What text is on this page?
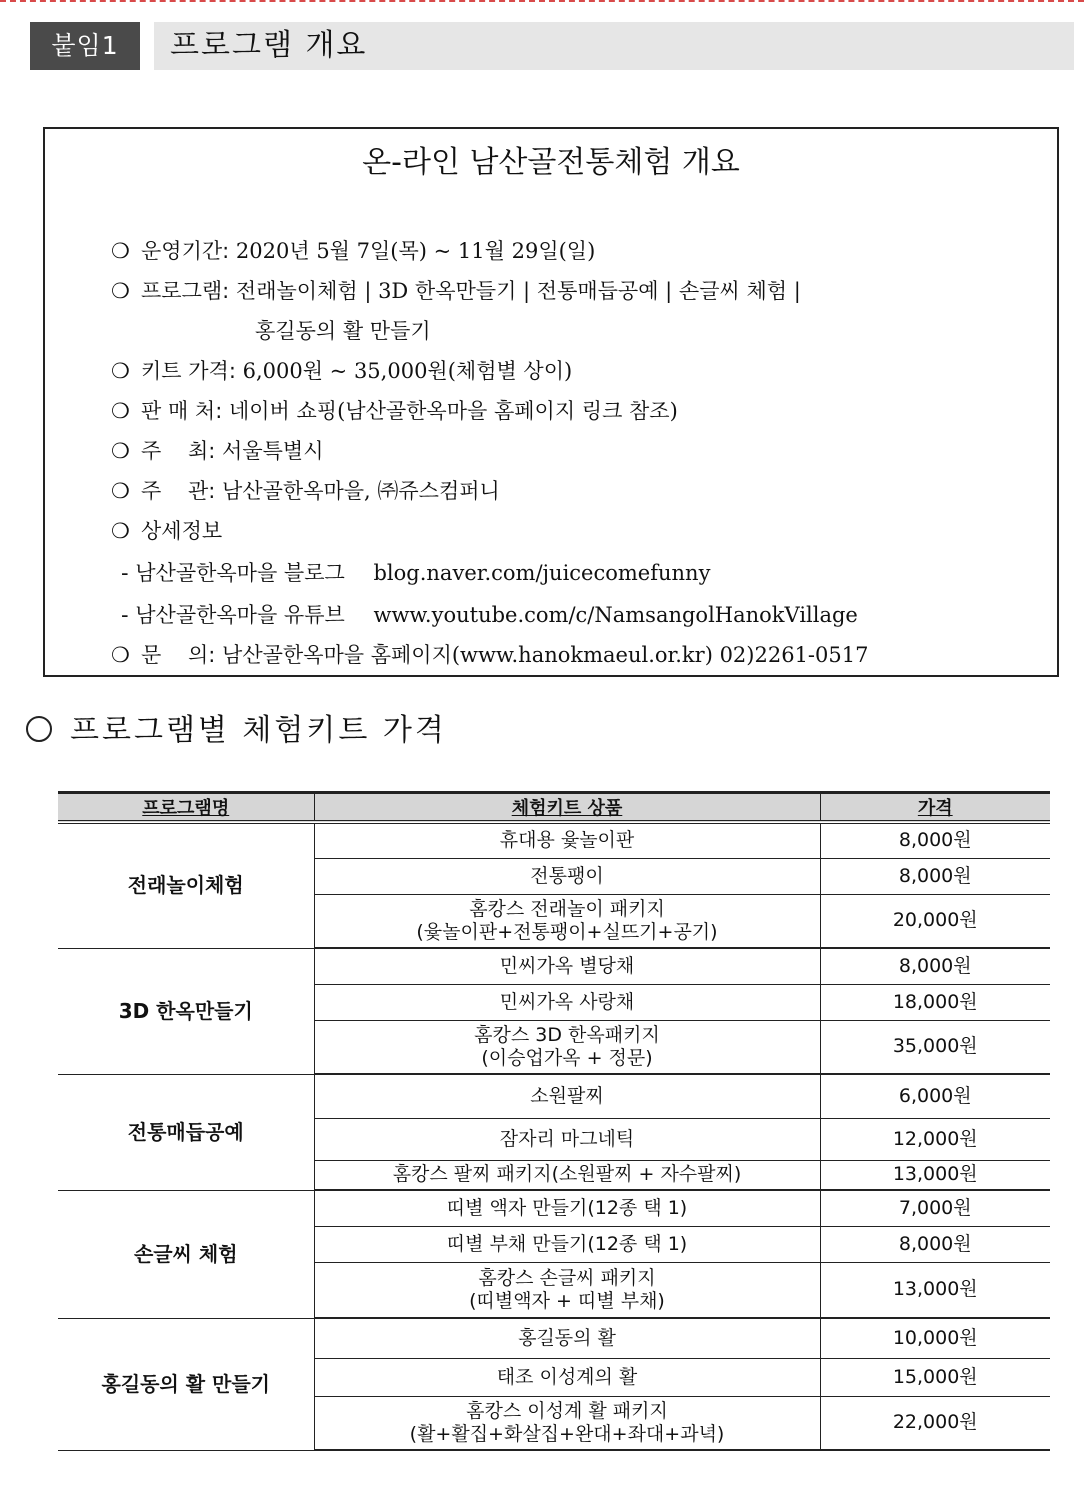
붙임1	프로그램 개요
온-라인 남산골전통체험 개요
❍ 운영기간: 2020년 5월 7일(목) ~ 11월 29일(일)
❍ 프로그램: 전래놀이체험 | 3D 한옥만들기 | 전통매듭공예 | 손글씨 체험 |
홍길동의 활 만들기
❍ 키트 가격: 6,000원 ~ 35,000원(체험별 상이)
❍ 판 매 처: 네이버 쇼핑(남산골한옥마을 홈페이지 링크 참조)
❍ 주    최: 서울특별시
❍ 주    관: 남산골한옥마을, ㈜쥬스컴퍼니
❍ 상세정보
- 남산골한옥마을 블로그 blog.naver.com/juicecomefunny
- 남산골한옥마을 유튜브 www.youtube.com/c/NamsangolHanokVillage
❍ 문    의: 남산골한옥마을 홈페이지(www.hanokmaeul.or.kr) 02)2261-0517
프로그램별 체험키트 가격
프로그램명	체험키트 상품	가격
전래놀이체험	휴대용 윷놀이판	8,000원
	전통팽이	8,000원

	홈캉스 전래놀이 패키지
(윷놀이판+전통팽이+실뜨기+공기)	20,000원
3D 한옥만들기	민씨가옥 별당채	8,000원
	민씨가옥 사랑채	18,000원

	홈캉스 3D 한옥패키지
(이승업가옥 + 정문)	35,000원
전통매듭공예	소원팔찌	6,000원
	잠자리 마그네틱	12,000원
	홈캉스 팔찌 패키지(소원팔찌 + 자수팔찌)	13,000원
손글씨 체험	띠별 액자 만들기(12종 택 1)	7,000원
	띠별 부채 만들기(12종 택 1)	8,000원

	홈캉스 손글씨 패키지
(띠별액자 + 띠별 부채)	13,000원
홍길동의 활 만들기	홍길동의 활	10,000원
	태조 이성계의 활	15,000원

	홈캉스 이성계 활 패키지
(활+활집+화살집+완대+좌대+과녁)	22,000원
